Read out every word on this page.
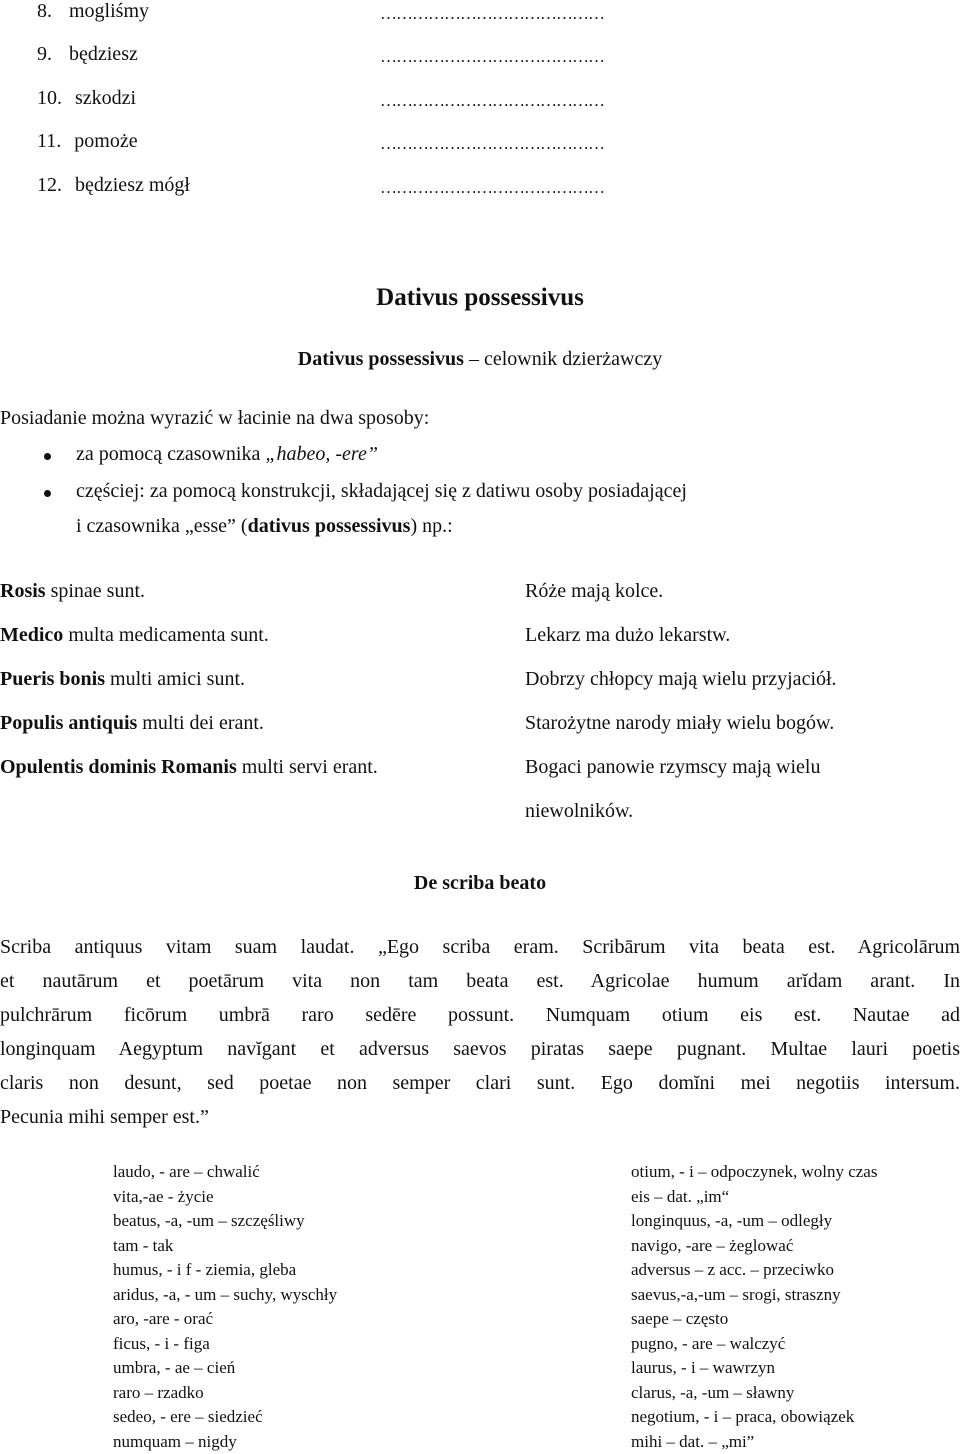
8. mogliśmy	……………………………………
9. będziesz	……………………………………
10. szkodzi	……………………………………
11. pomoże	……………………………………
12. będziesz mógł	……………………………………
Dativus possessivus
Dativus possessivus – celownik dzierżawczy
Posiadanie można wyrazić w łacinie na dwa sposoby:
za pomocą czasownika „habeo, -ere”
częściej: za pomocą konstrukcji, składającej się z datiwu osoby posiadającej
i czasownika „esse” (dativus possessivus) np.:
Rosis spinae sunt.	Róże mają kolce.
Medico multa medicamenta sunt.	Lekarz ma dużo lekarstw.
Pueris bonis multi amici sunt.	Dobrzy chłopcy mają wielu przyjaciół.
Populis antiquis multi dei erant.	Starożytne narody miały wielu bogów.
Opulentis dominis Romanis multi servi erant.	Bogaci panowie rzymscy mają wielu
niewolników.
De scriba beato
Scriba antiquus vitam suam laudat. „Ego scriba eram. Scribārum vita beata est. Agricolārum
et nautārum et poetārum vita non tam beata est. Agricolae humum arĭdam arant. In
pulchrārum ficōrum umbrā raro sedēre possunt. Numquam otium eis est. Nautae ad
longinquam Aegyptum navĭgant et adversus saevos piratas saepe pugnant. Multae lauri poetis
claris non desunt, sed poetae non semper clari sunt. Ego domĭni mei negotiis intersum.
Pecunia mihi semper est.”
laudo, - are – chwalić
vita,-ae - życie
beatus, -a, -um – szczęśliwy
tam - tak
humus, - i f - ziemia, gleba
aridus, -a, - um – suchy, wyschły
aro, -are - orać
ficus, - i - figa
umbra, - ae – cień
raro – rzadko
sedeo, - ere – siedzieć
numquam – nigdy
otium, - i – odpoczynek, wolny czas
eis – dat. „im“
longinquus, -a, -um – odległy
navigo, -are – żeglować
adversus – z acc. – przeciwko
saevus,-a,-um – srogi, straszny
saepe – często
pugno, - are – walczyć
laurus, - i – wawrzyn
clarus, -a, -um – sławny
negotium, - i – praca, obowiązek
mihi – dat. – „mi”
